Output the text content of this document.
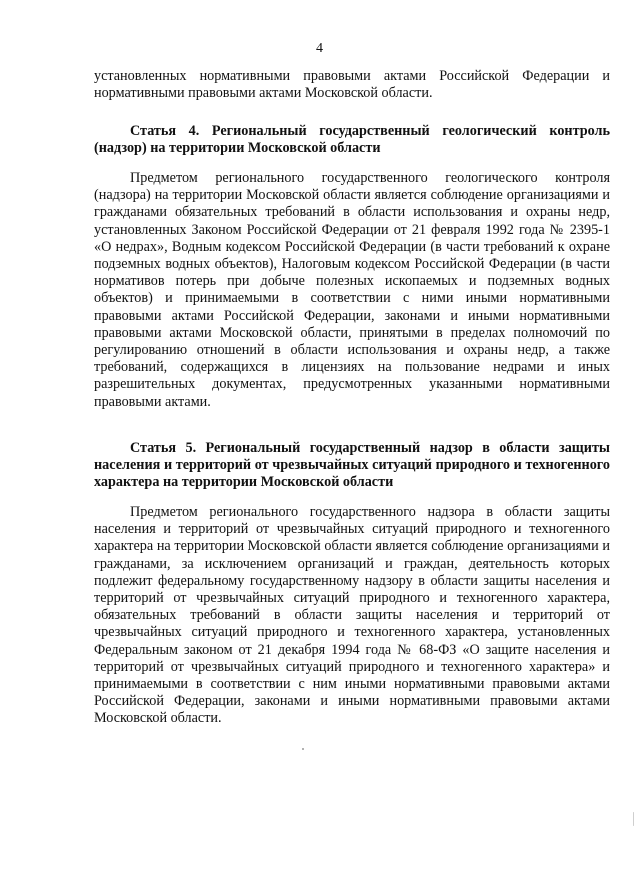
4

установленных нормативными правовыми актами Российской Федерации и нормативными правовыми актами Московской области.

Статья 4. Региональный государственный геологический контроль (надзор) на территории Московской области

Предметом регионального государственного геологического контроля (надзора) на территории Московской области является соблюдение организациями и гражданами обязательных требований в области использования и охраны недр, установленных Законом Российской Федерации от 21 февраля 1992 года № 2395-1 «О недрах», Водным кодексом Российской Федерации (в части требований к охране подземных водных объектов), Налоговым кодексом Российской Федерации (в части нормативов потерь при добыче полезных ископаемых и подземных водных объектов) и принимаемыми в соответствии с ними иными нормативными правовыми актами Российской Федерации, законами и иными нормативными правовыми актами Московской области, принятыми в пределах полномочий по регулированию отношений в области использования и охраны недр, а также требований, содержащихся в лицензиях на пользование недрами и иных разрешительных документах, предусмотренных указанными нормативными правовыми актами.

Статья 5. Региональный государственный надзор в области защиты населения и территорий от чрезвычайных ситуаций природного и техногенного характера на территории Московской области

Предметом регионального государственного надзора в области защиты населения и территорий от чрезвычайных ситуаций природного и техногенного характера на территории Московской области является соблюдение организациями и гражданами, за исключением организаций и граждан, деятельность которых подлежит федеральному государственному надзору в области защиты населения и территорий от чрезвычайных ситуаций природного и техногенного характера, обязательных требований в области защиты населения и территорий от чрезвычайных ситуаций природного и техногенного характера, установленных Федеральным законом от 21 декабря 1994 года № 68-ФЗ «О защите населения и территорий от чрезвычайных ситуаций природного и техногенного характера» и принимаемыми в соответствии с ним иными нормативными правовыми актами Российской Федерации, законами и иными нормативными правовыми актами Московской области.
